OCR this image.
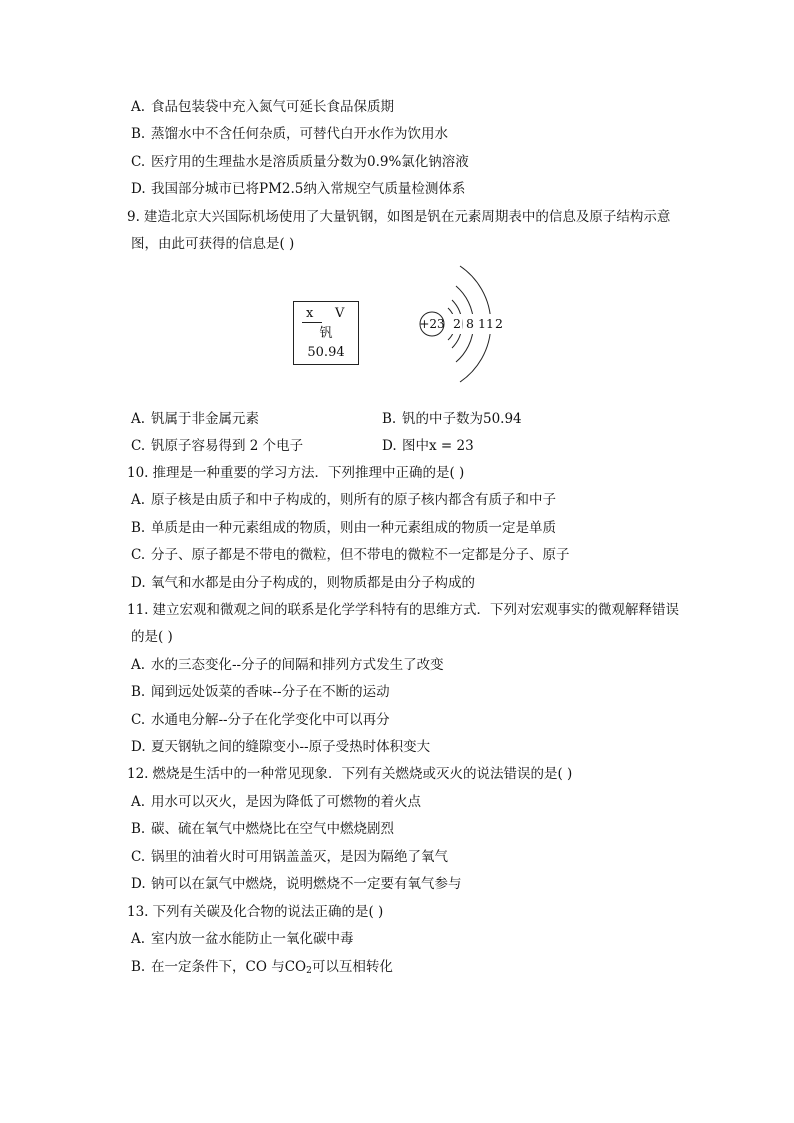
A. 食品包装袋中充入氮气可延长食品保质期
B. 蒸馏水中不含任何杂质，可替代白开水作为饮用水
C. 医疗用的生理盐水是溶质质量分数为0.9%氯化钠溶液
D. 我国部分城市已将PM2.5纳入常规空气质量检测体系
9. 建造北京大兴国际机场使用了大量钒钢，如图是钒在元素周期表中的信息及原子结构示意
图，由此可获得的信息是( )
x V
钒
50.94
+23 2 8 11 2
A. 钒属于非金属元素	B. 钒的中子数为50.94
C. 钒原子容易得到 2 个电子	D. 图中x = 23
10. 推理是一种重要的学习方法．下列推理中正确的是( )
A. 原子核是由质子和中子构成的，则所有的原子核内都含有质子和中子
B. 单质是由一种元素组成的物质，则由一种元素组成的物质一定是单质
C. 分子、原子都是不带电的微粒，但不带电的微粒不一定都是分子、原子
D. 氧气和水都是由分子构成的，则物质都是由分子构成的
11. 建立宏观和微观之间的联系是化学学科特有的思维方式．下列对宏观事实的微观解释错误
的是( )
A. 水的三态变化--分子的间隔和排列方式发生了改变
B. 闻到远处饭菜的香味--分子在不断的运动
C. 水通电分解--分子在化学变化中可以再分
D. 夏天钢轨之间的缝隙变小--原子受热时体积变大
12. 燃烧是生活中的一种常见现象．下列有关燃烧或灭火的说法错误的是( )
A. 用水可以灭火，是因为降低了可燃物的着火点
B. 碳、硫在氧气中燃烧比在空气中燃烧剧烈
C. 锅里的油着火时可用锅盖盖灭，是因为隔绝了氧气
D. 钠可以在氯气中燃烧，说明燃烧不一定要有氧气参与
13. 下列有关碳及化合物的说法正确的是( )
A. 室内放一盆水能防止一氧化碳中毒
B. 在一定条件下，CO 与$CO_2$可以互相转化
